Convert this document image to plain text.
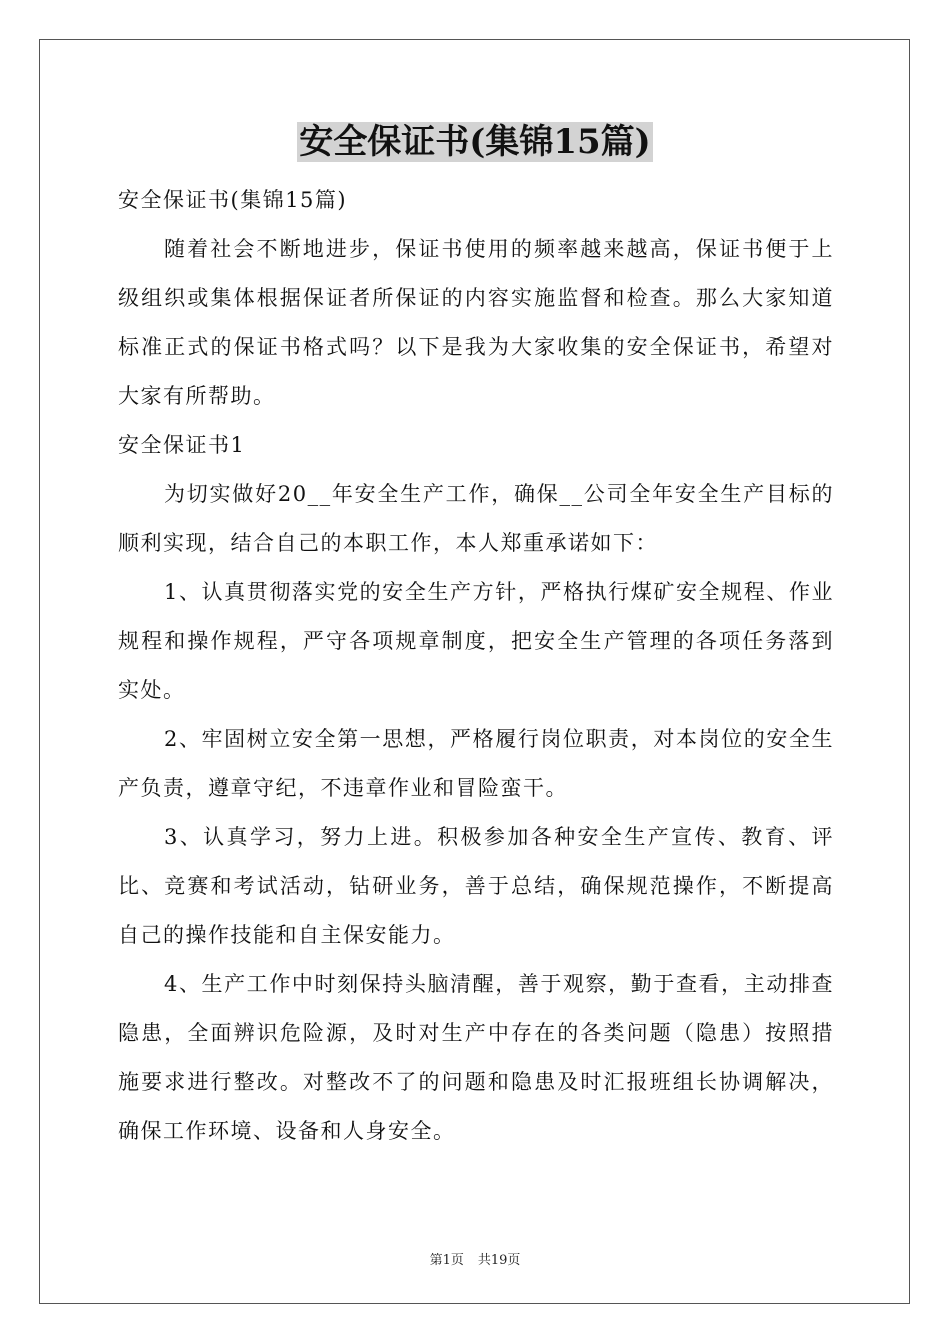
安全保证书(集锦15篇)

安全保证书(集锦15篇)

随着社会不断地进步，保证书使用的频率越来越高，保证书便于上级组织或集体根据保证者所保证的内容实施监督和检查。那么大家知道标准正式的保证书格式吗？以下是我为大家收集的安全保证书，希望对大家有所帮助。

安全保证书1

为切实做好20__年安全生产工作，确保__公司全年安全生产目标的顺利实现，结合自己的本职工作，本人郑重承诺如下：

1、认真贯彻落实党的安全生产方针，严格执行煤矿安全规程、作业规程和操作规程，严守各项规章制度，把安全生产管理的各项任务落到实处。

2、牢固树立安全第一思想，严格履行岗位职责，对本岗位的安全生产负责，遵章守纪，不违章作业和冒险蛮干。

3、认真学习，努力上进。积极参加各种安全生产宣传、教育、评比、竞赛和考试活动，钻研业务，善于总结，确保规范操作，不断提高自己的操作技能和自主保安能力。

4、生产工作中时刻保持头脑清醒，善于观察，勤于查看，主动排查隐患，全面辨识危险源，及时对生产中存在的各类问题（隐患）按照措施要求进行整改。对整改不了的问题和隐患及时汇报班组长协调解决，确保工作环境、设备和人身安全。

第1页 共19页
